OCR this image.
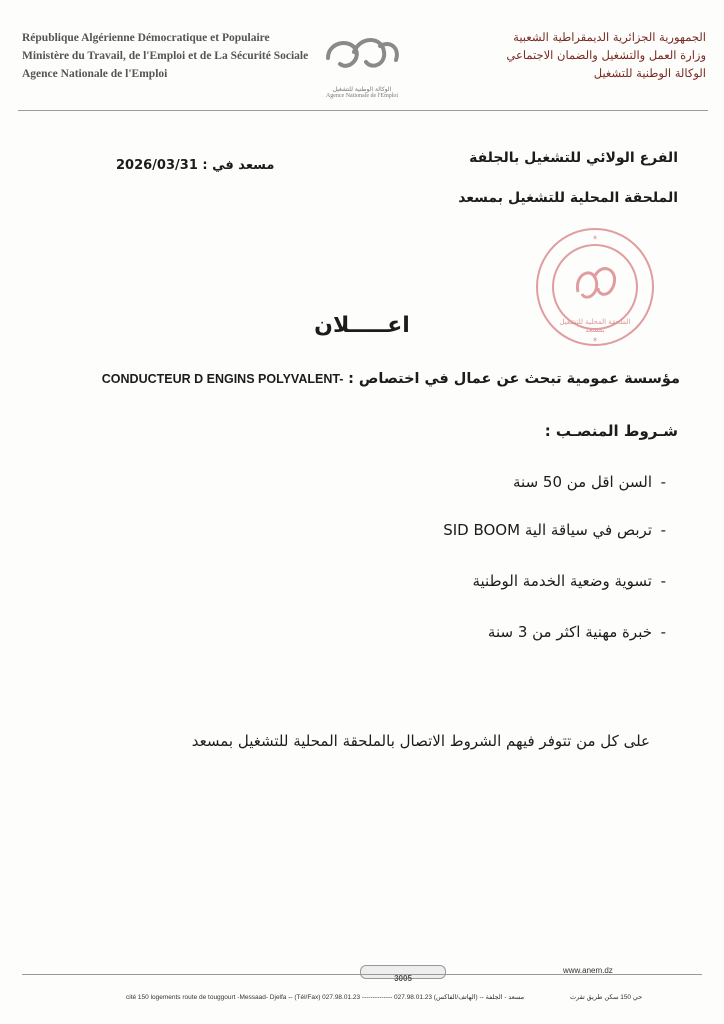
République Algérienne Démocratique et Populaire
Ministère du Travail, de l'Emploi et de La Sécurité Sociale
Agence Nationale de l'Emploi
الوكالة الوطنية للتشغيل
Agence Nationale de l'Emploi
الجمهورية الجزائرية الديمقراطية الشعبية
وزارة العمل والتشغيل والضمان الاجتماعي
الوكالة الوطنية للتشغيل
الفرع الولائي للتشغيل بالجلفة
الملحقة المحلية للتشغيل بمسعد
2026/03/31 مسعد في :
✶
✶
الملحقة المحلية للتشغيل بمسعد
اعـــــلان
مؤسسة عمومية تبحث عن عمال في اختصاص : CONDUCTEUR D ENGINS POLYVALENT-
شـروط المنصـب :
-
السن اقل من 50 سنة
-
تربص في سياقة الية SID BOOM
-
تسوية وضعية الخدمة الوطنية
-
خبرة مهنية اكثر من 3 سنة
على كل من تتوفر فيهم الشروط الاتصال بالملحقة المحلية للتشغيل بمسعد
3005
www.anem.dz
cité 150 logements route de touggourt -Messaad- Djelfa -- (Tél/Fax) 027.98.01.23 -------------- 027.98.01.23 (الهاتف/الفاكس) -- مسعد - الجلفة	حي 150 سكن طريق تقرت
